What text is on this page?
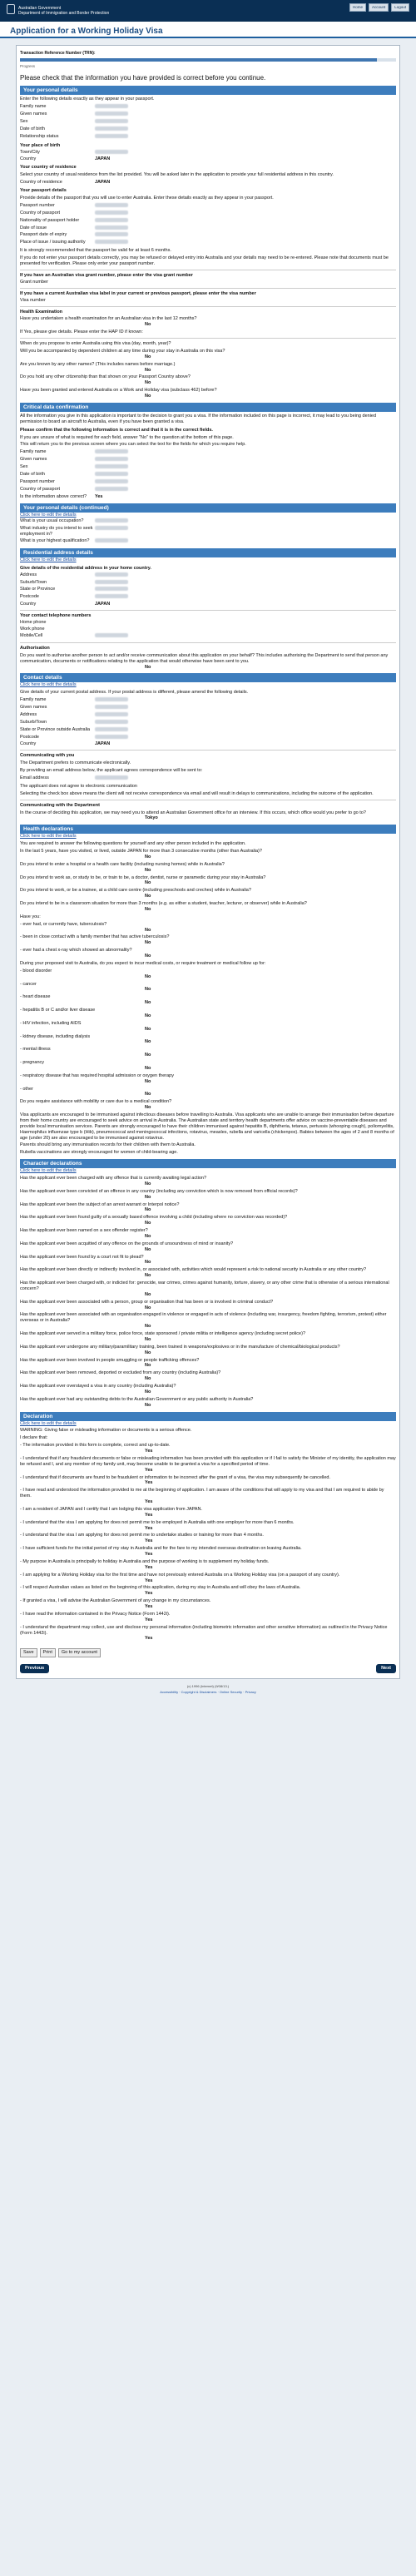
Australian Government
Department of Immigration and Border Protection
Home	Account	Logout
Application for a Working Holiday Visa
Transaction Reference Number (TRN):
Progress
Please check that the information you have provided is correct before you continue.
Your personal details
Enter the following details exactly as they appear in your passport.
Family name
Given names
Sex
Date of birth
Relationship status
Your place of birth
Town/City
Country	JAPAN
Your country of residence
Select your country of usual residence from the list provided. You will be asked later in the application to provide your full residential address in this country.
Country of residence	JAPAN
Your passport details
Provide details of the passport that you will use to enter Australia. Enter these details exactly as they appear in your passport.
Passport number
Country of passport
Nationality of passport holder
Date of issue
Passport date of expiry
Place of issue / issuing authority
It is strongly recommended that the passport be valid for at least 6 months.
If you do not enter your passport details correctly, you may be refused or delayed entry into Australia and your details may need to be re-entered. Please note that documents must be presented for verification. Please only enter your passport number.
If you have an Australian visa grant number, please enter the visa grant number
Grant number
If you have a current Australian visa label in your current or previous passport, please enter the visa number
Visa number
Health Examination
Have you undertaken a health examination for an Australian visa in the last 12 months?
No
If Yes, please give details. Please enter the HAP ID if known:
When do you propose to enter Australia using this visa (day, month, year)?
Will you be accompanied by dependent children at any time during your stay in Australia on this visa?
No
Are you known by any other names? (This includes names before marriage.)
No
Do you hold any other citizenship than that shown on your Passport Country above?
No
Have you been granted and entered Australia on a Work and Holiday visa (subclass 462) before?
No
Critical data confirmation
All the information you give in this application is important to the decision to grant you a visa. If the information included on this page is incorrect, it may lead to you being denied permission to board an aircraft to Australia, even if you have been granted a visa.
Please confirm that the following information is correct and that it is in the correct fields.
If you are unsure of what is required for each field, answer "No" to the question at the bottom of this page.
This will return you to the previous screen where you can select the text for the fields for which you require help.
Family name
Given names
Sex
Date of birth
Passport number
Country of passport
Is the information above correct?	Yes
Your personal details (continued)
Click here to edit the details
What is your usual occupation?
What industry do you intend to seek employment in?
What is your highest qualification?
Residential address details
Click here to edit the details
Give details of the residential address in your home country.
Address
Suburb/Town
State or Province
Postcode
Country	JAPAN
Your contact telephone numbers
Home phone
Work phone
Mobile/Cell
Authorisation
Do you want to authorise another person to act and/or receive communication about this application on your behalf? This includes authorising the Department to send that person any communication, documents or notifications relating to the application that would otherwise have been sent to you.
No
Contact details
Click here to edit the details
Give details of your current postal address. If your postal address is different, please amend the following details.
Family name
Given names
Address
Suburb/Town
State or Province outside Australia
Postcode
Country	JAPAN
Communicating with you
The Department prefers to communicate electronically.
By providing an email address below, the applicant agrees correspondence will be sent to:
Email address
The applicant does not agree to electronic communication
Selecting the check box above means the client will not receive correspondence via email and will result in delays to communications, including the outcome of the application.
Communicating with the Department
In the course of deciding this application, we may need you to attend an Australian Government office for an interview. If this occurs, which office would you prefer to go to?
Tokyo
Health declarations
Click here to edit the details
You are required to answer the following questions for yourself and any other person included in the application.
In the last 5 years, have you visited, or lived, outside JAPAN for more than 3 consecutive months (other than Australia)?
No
Do you intend to enter a hospital or a health care facility (including nursing homes) while in Australia?
No
Do you intend to work as, or study to be, or train to be, a doctor, dentist, nurse or paramedic during your stay in Australia?
No
Do you intend to work, or be a trainee, at a child care centre (including preschools and creches) while in Australia?
No
Do you intend to be in a classroom situation for more than 3 months (e.g. as either a student, teacher, lecturer, or observer) while in Australia?
No
Have you:
- ever had, or currently have, tuberculosis?
No
- been in close contact with a family member that has active tuberculosis?
No
- ever had a chest x-ray which showed an abnormality?
No
During your proposed visit to Australia, do you expect to incur medical costs, or require treatment or medical follow up for:
- blood disorder
No
- cancer
No
- heart disease
No
- hepatitis B or C and/or liver disease
No
- HIV infection, including AIDS
No
- kidney disease, including dialysis
No
- mental illness
No
- pregnancy
No
- respiratory disease that has required hospital admission or oxygen therapy
No
- other
No
Do you require assistance with mobility or care due to a medical condition?
No
Visa applicants are encouraged to be immunised against infectious diseases before travelling to Australia. Visa applicants who are unable to arrange their immunisation before departure from their home country are encouraged to seek advice on arrival in Australia. The Australian state and territory health departments offer advice on vaccine-preventable diseases and provide local immunisation services. Parents are strongly encouraged to have their children immunised against hepatitis B, diphtheria, tetanus, pertussis (whooping cough), poliomyelitis, Haemophilus influenzae type b (Hib), pneumococcal and meningococcal infections, rotavirus, measles, rubella and varicella (chickenpox). Babies between the ages of 2 and 8 months of age (under 20) are also encouraged to be immunised against rotavirus.
Parents should bring any immunisation records for their children with them to Australia.
Rubella vaccinations are strongly encouraged for women of child-bearing age.
Character declarations
Click here to edit the details
Has the applicant ever been charged with any offence that is currently awaiting legal action?
No
Has the applicant ever been convicted of an offence in any country (including any conviction which is now removed from official records)?
No
Has the applicant ever been the subject of an arrest warrant or Interpol notice?
No
Has the applicant ever been found guilty of a sexually based offence involving a child (including where no conviction was recorded)?
No
Has the applicant ever been named on a sex offender register?
No
Has the applicant ever been acquitted of any offence on the grounds of unsoundness of mind or insanity?
No
Has the applicant ever been found by a court not fit to plead?
No
Has the applicant ever been directly or indirectly involved in, or associated with, activities which would represent a risk to national security in Australia or any other country?
No
Has the applicant ever been charged with, or indicted for: genocide, war crimes, crimes against humanity, torture, slavery, or any other crime that is otherwise of a serious international concern?
No
Has the applicant ever been associated with a person, group or organisation that has been or is involved in criminal conduct?
No
Has the applicant ever been associated with an organisation engaged in violence or engaged in acts of violence (including war, insurgency, freedom fighting, terrorism, protest) either overseas or in Australia?
No
Has the applicant ever served in a military force, police force, state sponsored / private militia or intelligence agency (including secret police)?
No
Has the applicant ever undergone any military/paramilitary training, been trained in weapons/explosives or in the manufacture of chemical/biological products?
No
Has the applicant ever been involved in people smuggling or people trafficking offences?
No
Has the applicant ever been removed, deported or excluded from any country (including Australia)?
No
Has the applicant ever overstayed a visa in any country (including Australia)?
No
Has the applicant ever had any outstanding debts to the Australian Government or any public authority in Australia?
No
Declaration
Click here to edit the details
WARNING: Giving false or misleading information or documents is a serious offence.
I declare that:
- The information provided in this form is complete, correct and up-to-date.
Yes
- I understand that if any fraudulent documents or false or misleading information has been provided with this application or if I fail to satisfy the Minister of my identity, the application may be refused and I, and any member of my family unit, may become unable to be granted a visa for a specified period of time.
Yes
- I understand that if documents are found to be fraudulent or information to be incorrect after the grant of a visa, the visa may subsequently be cancelled.
Yes
- I have read and understood the information provided to me at the beginning of application. I am aware of the conditions that will apply to my visa and that I am required to abide by them.
Yes
- I am a resident of JAPAN and I certify that I am lodging this visa application from JAPAN.
Yes
- I understand that the visa I am applying for does not permit me to be employed in Australia with one employer for more than 6 months.
Yes
- I understand that the visa I am applying for does not permit me to undertake studies or training for more than 4 months.
Yes
- I have sufficient funds for the initial period of my stay in Australia and for the fare to my intended overseas destination on leaving Australia.
Yes
- My purpose in Australia is principally to holiday in Australia and the purpose of working is to supplement my holiday funds.
Yes
- I am applying for a Working Holiday visa for the first time and have not previously entered Australia on a Working Holiday visa (on a passport of any country).
Yes
- I will respect Australian values as listed on the beginning of this application, during my stay in Australia and will obey the laws of Australia.
Yes
- If granted a visa, I will advise the Australian Government of any change in my circumstances.
Yes
- I have read the information contained in the Privacy Notice (Form 1442i).
Yes
- I understand the department may collect, use and disclose my personal information (including biometric information and other sensitive information) as outlined in the Privacy Notice (Form 1442i).
Yes
Save	Print	Go to my account
Previous	Next
(c) 1996 (Internet) (9/08/13.)
Accessibility · Copyright & Disclaimers · Online Security · Privacy
